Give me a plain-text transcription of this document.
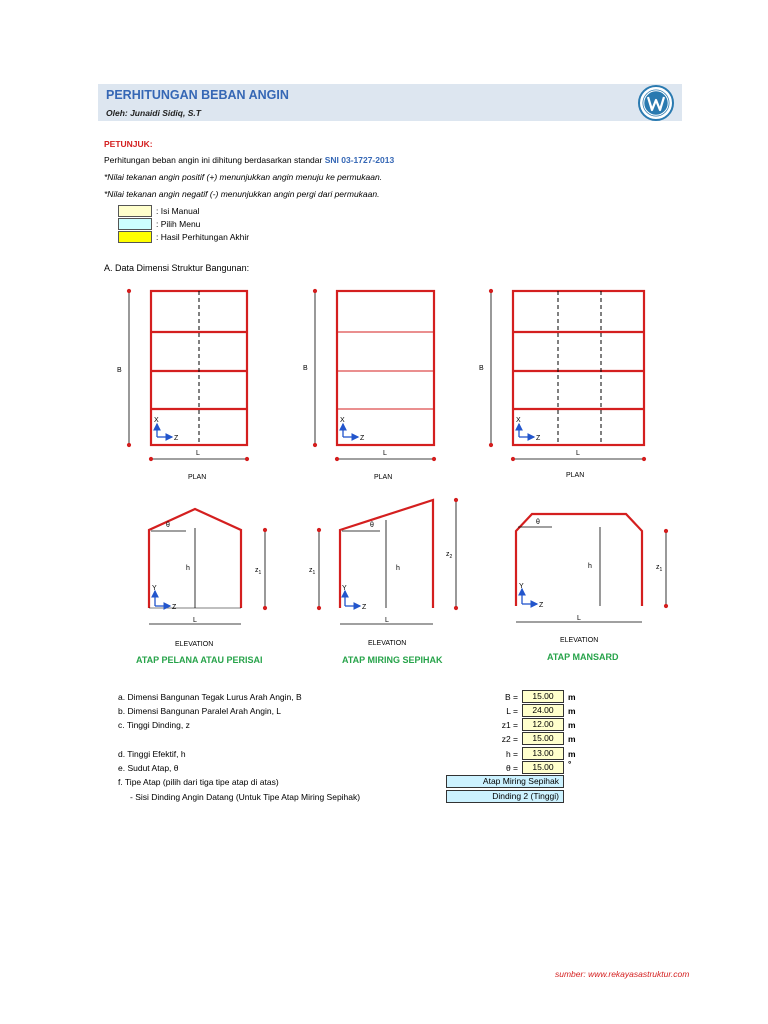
PERHITUNGAN BEBAN ANGIN
Oleh: Junaidi Sidiq, S.T
PETUNJUK:
Perhitungan beban angin ini dihitung berdasarkan standar SNI 03-1727-2013
*Nilai tekanan angin positif (+) menunjukkan angin menuju ke permukaan.
*Nilai tekanan angin negatif (-) menunjukkan angin pergi dari permukaan.
: Isi Manual
: Pilih Menu
: Hasil Perhitungan Akhir
A. Data Dimensi Struktur Bangunan:
B	B	B
L	L	L
X
Z
X
Z
X
Z
PLAN	PLAN	PLAN
Y
Z
Y
Z
Y
Z
h	h	h
$z_1$	$z_1$
$z_2$
$z_1$
θ	θ	θ
L	L	L
ELEVATION	ELEVATION	ELEVATION
ATAP PELANA ATAU PERISAI	ATAP MIRING SEPIHAK	ATAP MANSARD
a. Dimensi Bangunan Tegak Lurus Arah Angin, B	B =	15.00	m
b. Dimensi Bangunan Paralel Arah Angin, L	L =	24.00	m
c. Tinggi Dinding, z	z1 =	12.00	m
z2 =	15.00	m
d. Tinggi Efektif, h	h =	13.00	m
e. Sudut Atap, θ	θ =	15.00	°
f. Tipe Atap (pilih dari tiga tipe atap di atas)	Atap Miring Sepihak
- Sisi Dinding Angin Datang (Untuk Tipe Atap Miring Sepihak)	Dinding 2 (Tinggi)
sumber: www.rekayasastruktur.com
